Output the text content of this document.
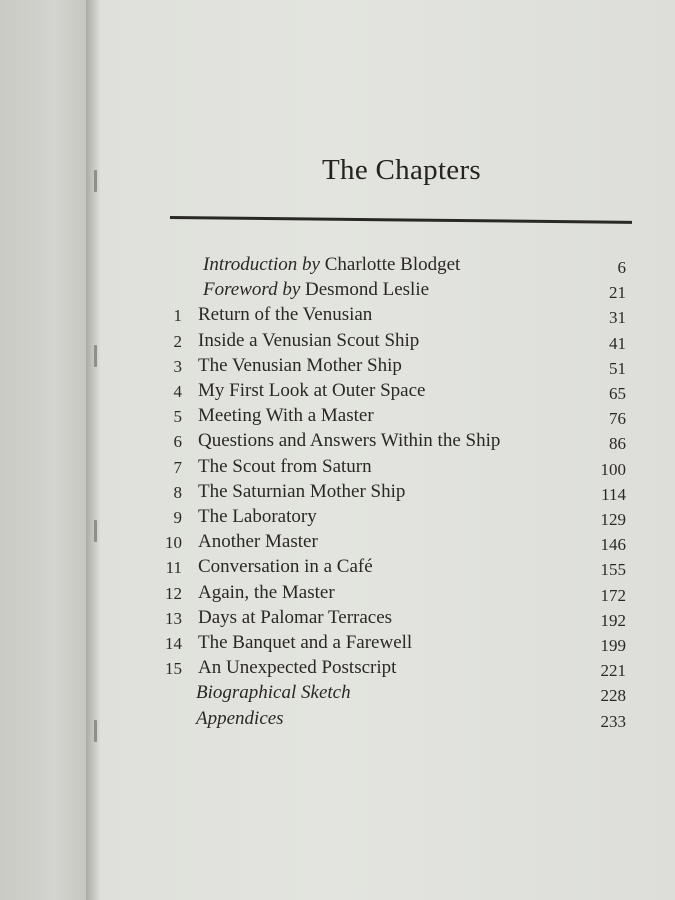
The Chapters
Introduction by Charlotte Blodget	6
Foreword by Desmond Leslie	21
1 Return of the Venusian	31
2 Inside a Venusian Scout Ship	41
3 The Venusian Mother Ship	51
4 My First Look at Outer Space	65
5 Meeting With a Master	76
6 Questions and Answers Within the Ship	86
7 The Scout from Saturn	100
8 The Saturnian Mother Ship	114
9 The Laboratory	129
10 Another Master	146
11 Conversation in a Café	155
12 Again, the Master	172
13 Days at Palomar Terraces	192
14 The Banquet and a Farewell	199
15 An Unexpected Postscript	221
Biographical Sketch	228
Appendices	233
